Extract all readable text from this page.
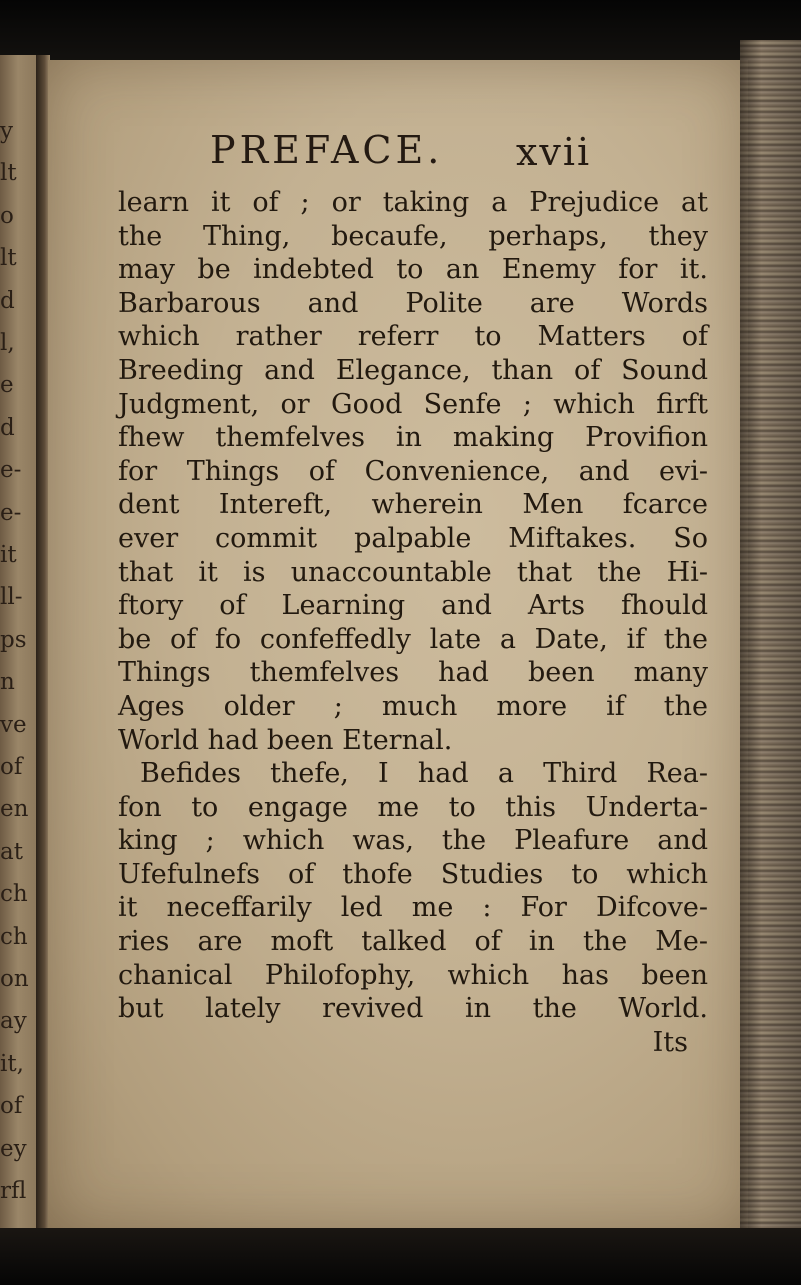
y
lt
o
lt
d
l,
e
d
e-
e-
it
ll-
ps
n
ve
of
en
at
ch
ch
on
ay
it,
of
ey
rfl
PREFACE. xvii
learn it of ; or taking a Prejudice at
the Thing, becaufe, perhaps, they
may be indebted to an Enemy for it.
Barbarous and Polite are Words
which rather referr to Matters of
Breeding and Elegance, than of Sound
Judgment, or Good Senfe ; which firft
fhew themfelves in making Provifion
for Things of Convenience, and evi-
dent Intereft, wherein Men fcarce
ever commit palpable Miftakes. So
that it is unaccountable that the Hi-
ftory of Learning and Arts fhould
be of fo confeffedly late a Date, if the
Things themfelves had been many
Ages older ; much more if the
World had been Eternal.
Befides thefe, I had a Third Rea-
fon to engage me to this Underta-
king ; which was, the Pleafure and
Ufefulnefs of thofe Studies to which
it neceffarily led me : For Difcove-
ries are moft talked of in the Me-
chanical Philofophy, which has been
but lately revived in the World.
Its
